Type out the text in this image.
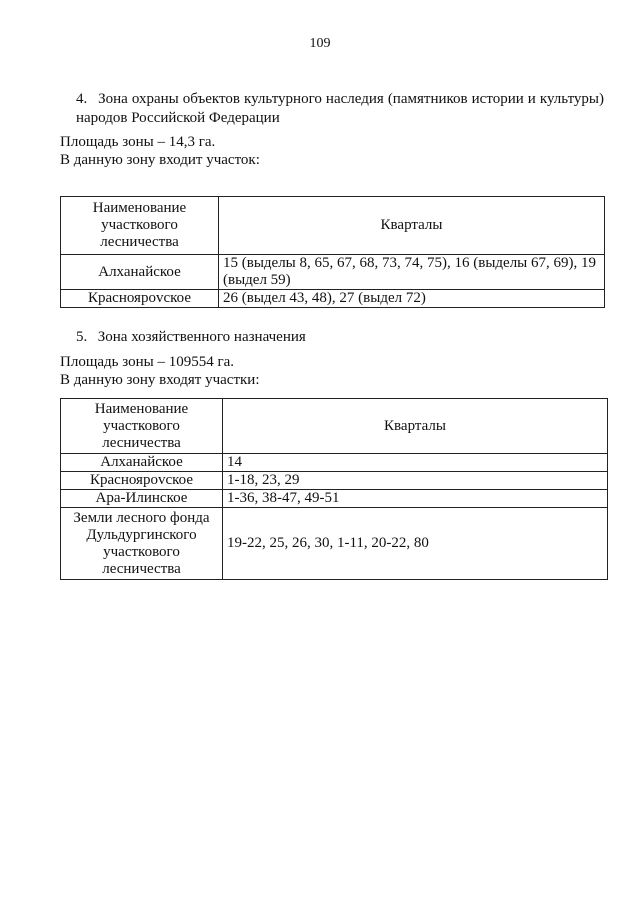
109
4. Зона охраны объектов культурного наследия (памятников истории и культуры) народов Российской Федерации
Площадь зоны – 14,3 га.
В данную зону входит участок:
Наименование участкового лесничества	Кварталы
Алханайское	15 (выделы 8, 65, 67, 68, 73, 74, 75), 16 (выделы 67, 69), 19 (выдел 59)
Красноярovское	26 (выдел 43, 48), 27 (выдел 72)
5. Зона хозяйственного назначения
Площадь зоны – 109554 га.
В данную зону входят участки:
Наименование участкового лесничества	Кварталы
Алханайское	14
Красноярovское	1-18, 23, 29
Ара-Илинское	1-36, 38-47, 49-51
Земли лесного фонда Дульдургинского участкового лесничества	19-22, 25, 26, 30, 1-11, 20-22, 80
